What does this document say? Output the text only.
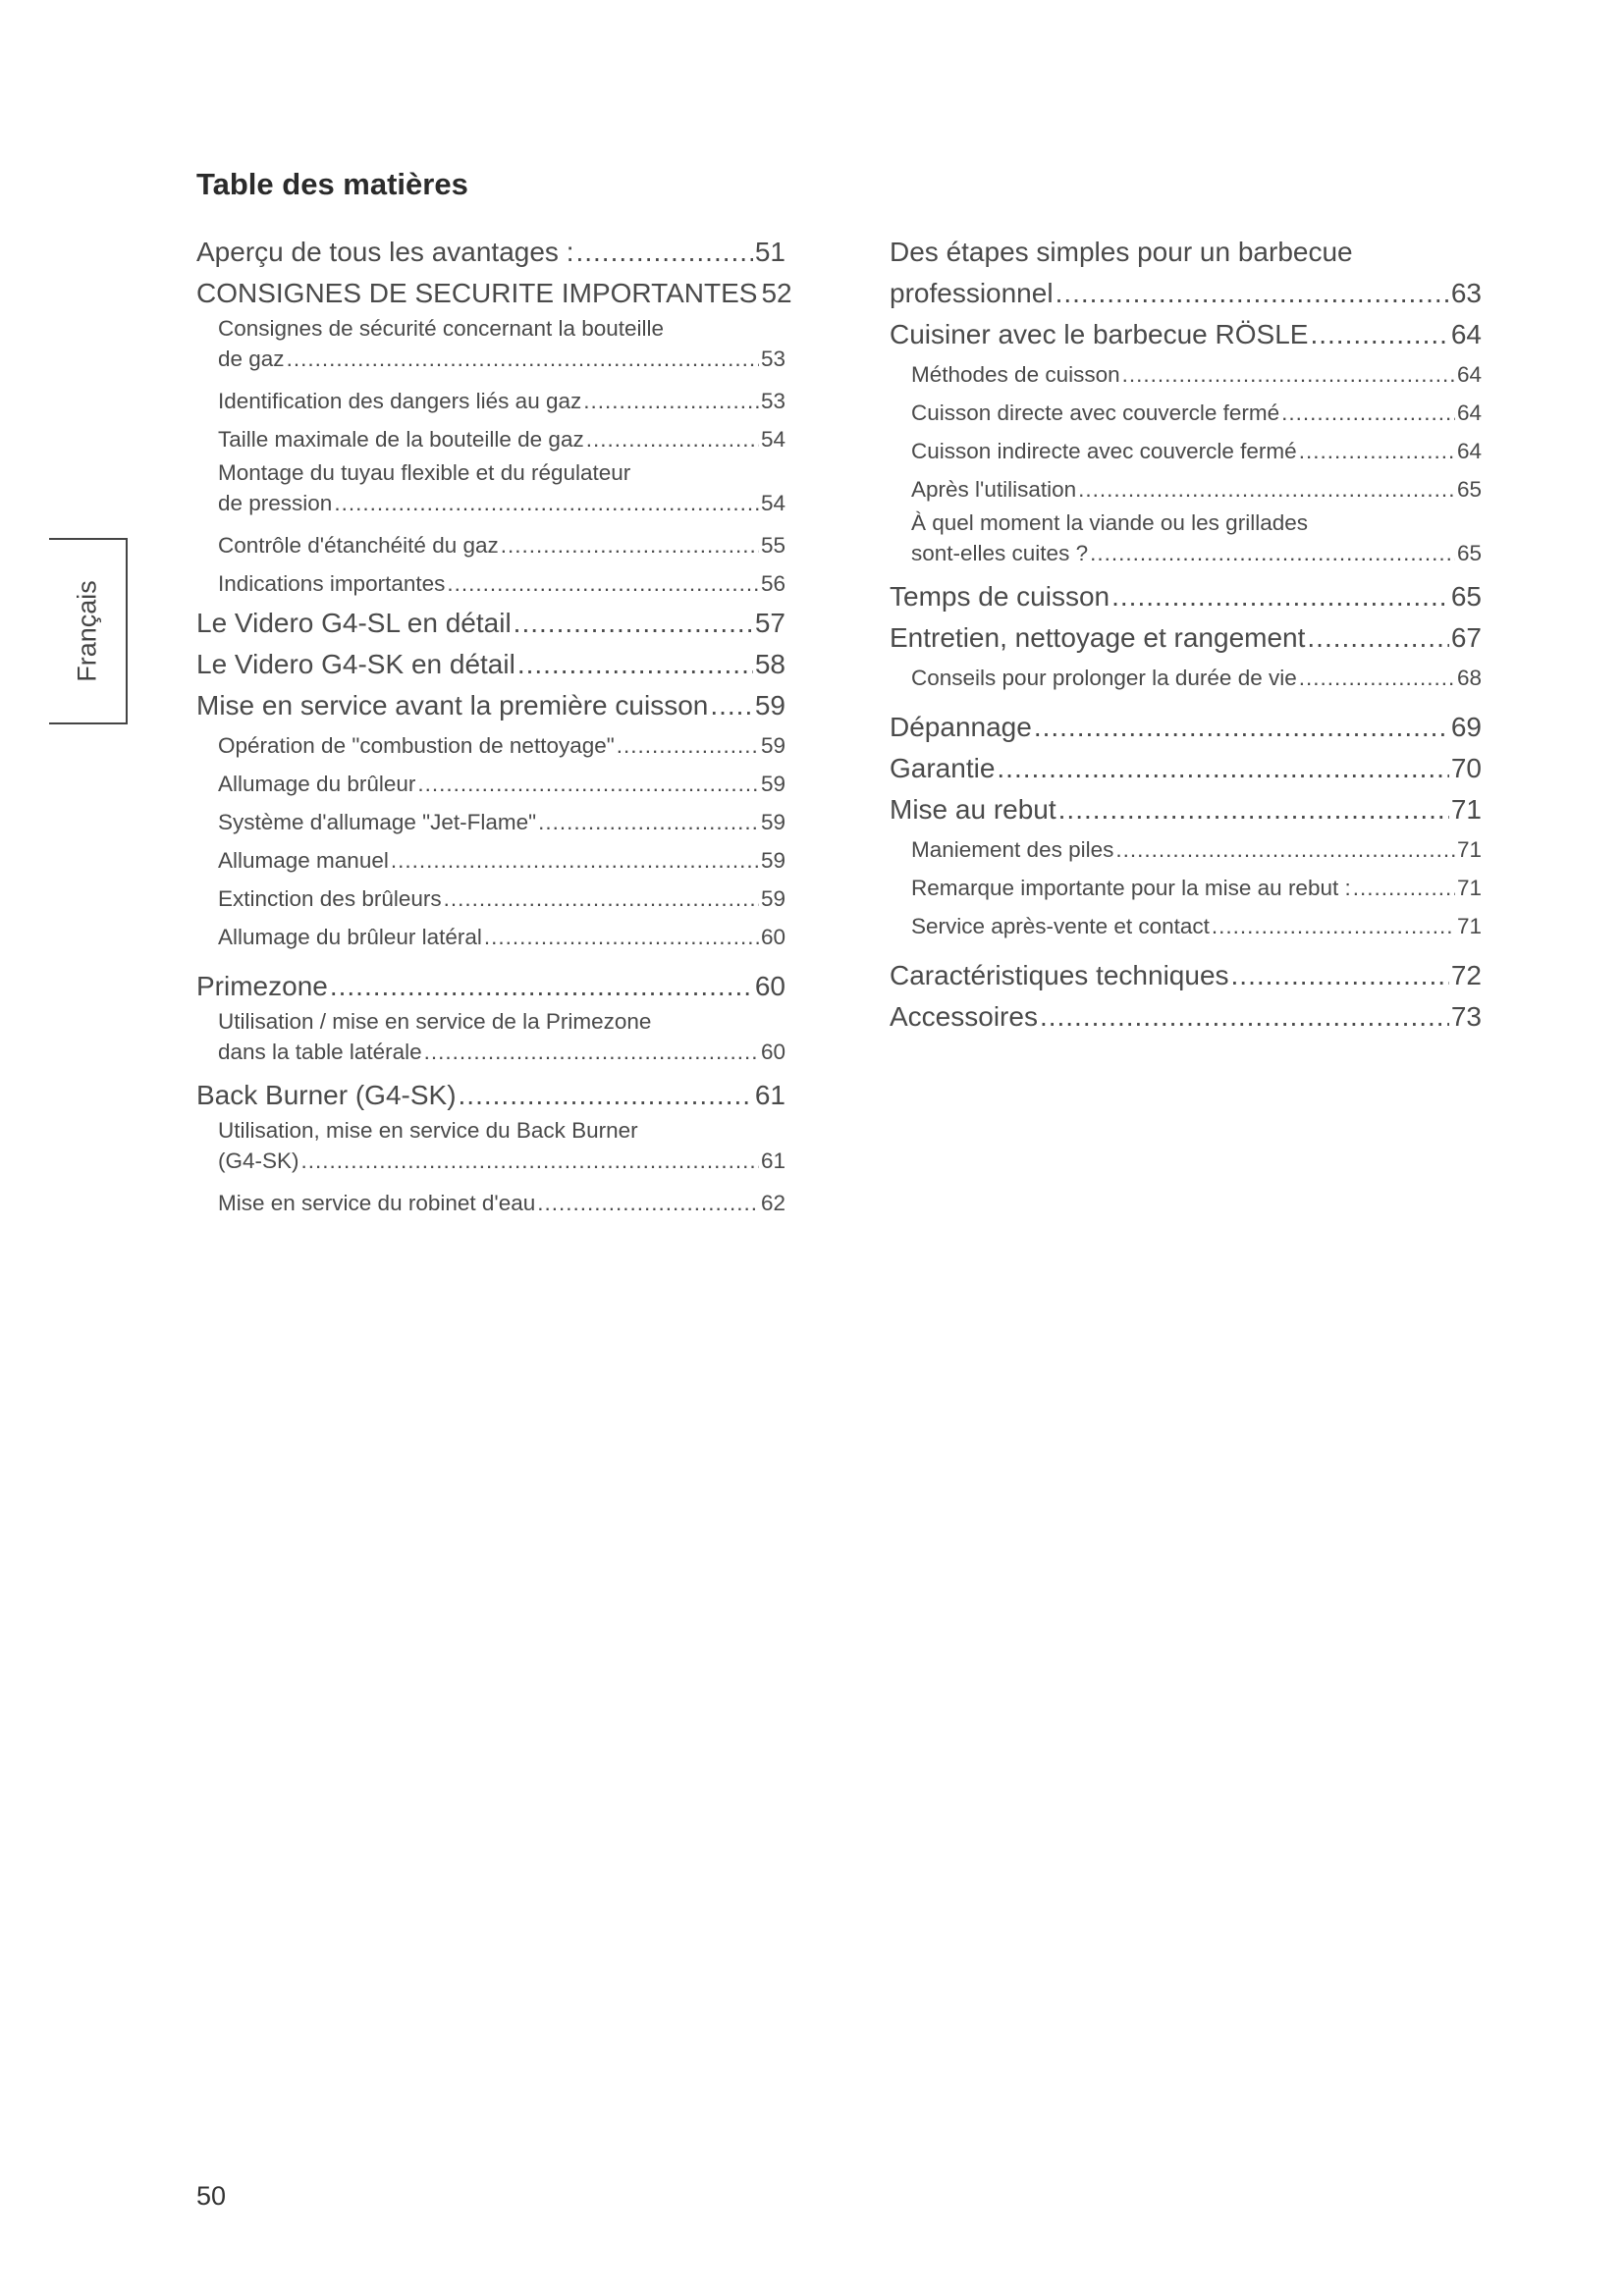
Table des matières
Français
Aperçu de tous les avantages : .....	51
CONSIGNES DE SECURITE IMPORTANTES 52
Consignes de sécurité concernant la bouteille
de gaz .....	53
Identification des dangers liés au gaz .....	53
Taille maximale de la bouteille de gaz .....	54
Montage du tuyau flexible et du régulateur
de pression .....	54
Contrôle d'étanchéité du gaz .....	55
Indications importantes .....	56
Le Videro G4-SL en détail .....	57
Le Videro G4-SK en détail .....	58
Mise en service avant la première cuisson ..... 59
Opération de "combustion de nettoyage" .....	59
Allumage du brûleur .....	59
Système d'allumage "Jet-Flame" .....	59
Allumage manuel .....	59
Extinction des brûleurs .....	59
Allumage du brûleur latéral .....	60
Primezone .....	60
Utilisation / mise en service de la Primezone
dans la table latérale .....	60
Back Burner (G4-SK) .....	61
Utilisation, mise en service du Back Burner
(G4-SK) .....	61
Mise en service du robinet d'eau .....	62
Des étapes simples pour un barbecue
professionnel .....	63
Cuisiner avec le barbecue RÖSLE .....	64
Méthodes de cuisson .....	64
Cuisson directe avec couvercle fermé .....	64
Cuisson indirecte avec couvercle fermé .....	64
Après l'utilisation .....	65
À quel moment la viande ou les grillades
sont-elles cuites ? .....	65
Temps de cuisson .....	65
Entretien, nettoyage et rangement .....	67
Conseils pour prolonger la durée de vie .....	68
Dépannage .....	69
Garantie .....	70
Mise au rebut .....	71
Maniement des piles .....	71
Remarque importante pour la mise au rebut : .....	71
Service après-vente et contact .....	71
Caractéristiques techniques .....	72
Accessoires .....	73
50
